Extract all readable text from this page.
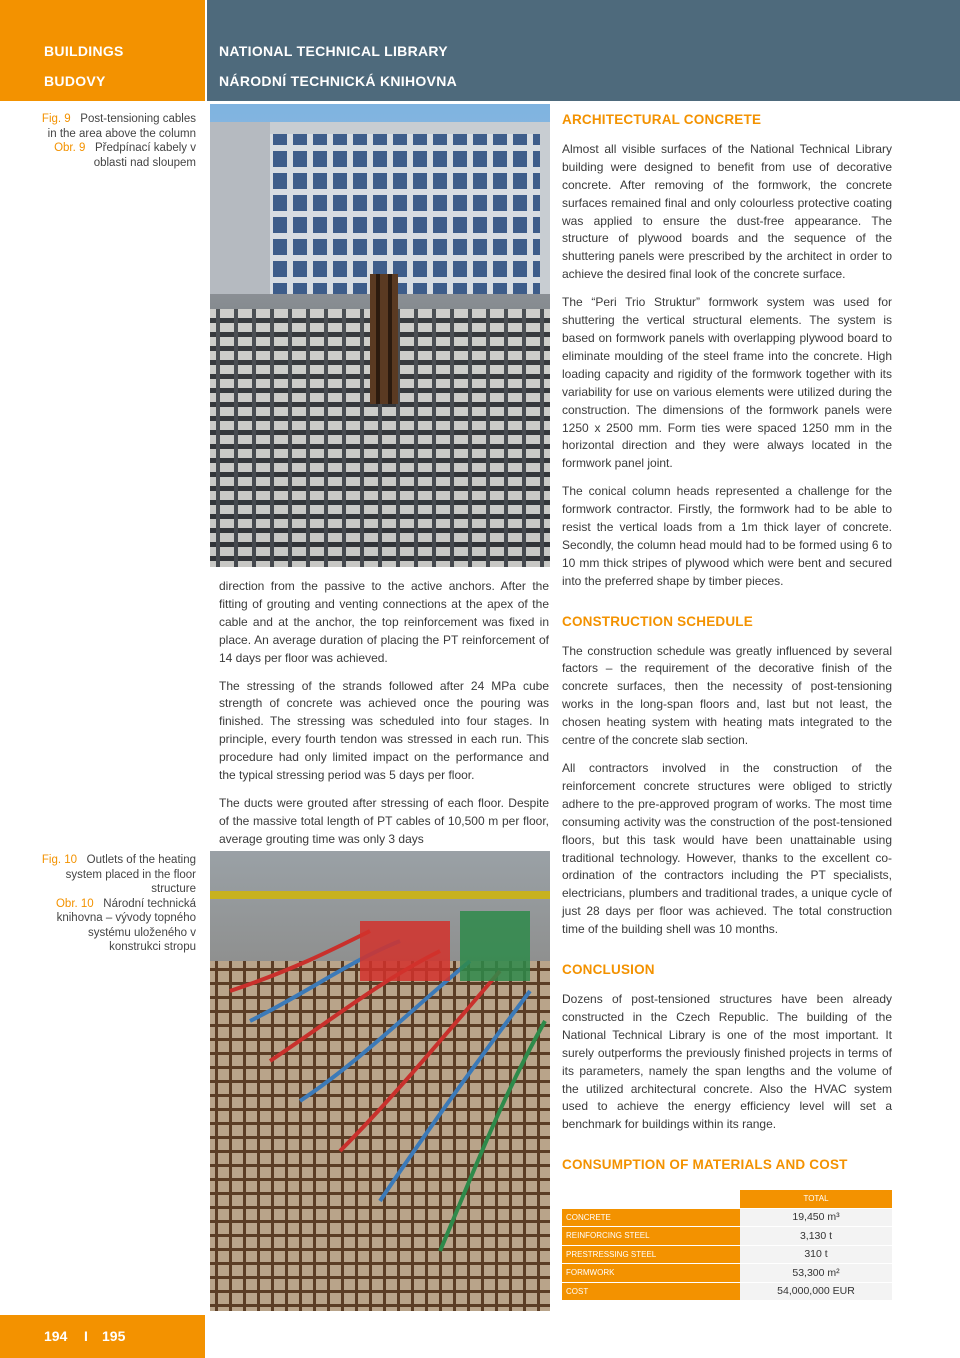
BUILDINGS
BUDOVY
NATIONAL TECHNICAL LIBRARY
NÁRODNÍ TECHNICKÁ KNIHOVNA
Fig. 9 Post-tensioning cables in the area above the column
Obr. 9 Předpínací kabely v oblasti nad sloupem
Fig. 10 Outlets of the heating system placed in the floor structure
Obr. 10 Národní technická knihovna – vývody topného systému uloženého v konstrukci stropu

direction from the passive to the active anchors. After the fitting of grouting and venting connections at the apex of the cable and at the anchor, the top reinforcement was fixed in place. An average duration of placing the PT reinforcement of 14 days per floor was achieved.

The stressing of the strands followed after 24 MPa cube strength of concrete was achieved once the pouring was finished. The stressing was scheduled into four stages. In principle, every fourth tendon was stressed in each run. This procedure had only limited impact on the performance and the typical stressing period was 5 days per floor.

The ducts were grouted after stressing of each floor. Despite of the massive total length of PT cables of 10,500 m per floor, average grouting time was only 3 days

ARCHITECTURAL CONCRETE

Almost all visible surfaces of the National Technical Library building were designed to benefit from use of decorative concrete. After removing of the formwork, the concrete surfaces remained final and only colourless protective coating was applied to ensure the dust-free appearance. The structure of plywood boards and the sequence of the shuttering panels were prescribed by the architect in order to achieve the desired final look of the concrete surface.

The “Peri Trio Struktur” formwork system was used for shuttering the vertical structural elements. The system is based on formwork panels with overlapping plywood board to eliminate moulding of the steel frame into the concrete. High loading capacity and rigidity of the formwork together with its variability for use on various elements were utilized during the construction. The dimensions of the formwork panels were 1250 x 2500 mm. Form ties were spaced 1250 mm in the horizontal direction and they were always located in the formwork panel joint.

The conical column heads represented a challenge for the formwork contractor. Firstly, the formwork had to be able to resist the vertical loads from a 1m thick layer of concrete. Secondly, the column head mould had to be formed using 6 to 10 mm thick stripes of plywood which were bent and secured into the preferred shape by timber pieces.

CONSTRUCTION SCHEDULE

The construction schedule was greatly influenced by several factors – the requirement of the decorative finish of the concrete surfaces, then the necessity of post-tensioning works in the long-span floors and, last but not least, the chosen heating system with heating mats integrated to the centre of the concrete slab section.

All contractors involved in the construction of the reinforcement concrete structures were obliged to strictly adhere to the pre-approved program of works. The most time consuming activity was the construction of the post-tensioned floors, but this task would have been unattainable using traditional technology. However, thanks to the excellent co-ordination of the contractors including the PT specialists, electricians, plumbers and traditional trades, a unique cycle of just 28 days per floor was achieved. The total construction time of the building shell was 10 months.

CONCLUSION

Dozens of post-tensioned structures have been already constructed in the Czech Republic. The building of the National Technical Library is one of the most important. It surely outperforms the previously finished projects in terms of its parameters, namely the span lengths and the volume of the utilized architectural concrete. Also the HVAC system used to achieve the energy efficiency level will set a benchmark for buildings within its range.

CONSUMPTION OF MATERIALS AND COST
	TOTAL
CONCRETE	19,450 m³
REINFORCING STEEL	3,130 t
PRESTRESSING STEEL	310 t
FORMWORK	53,300 m²
COST	54,000,000 EUR
194 I 195
